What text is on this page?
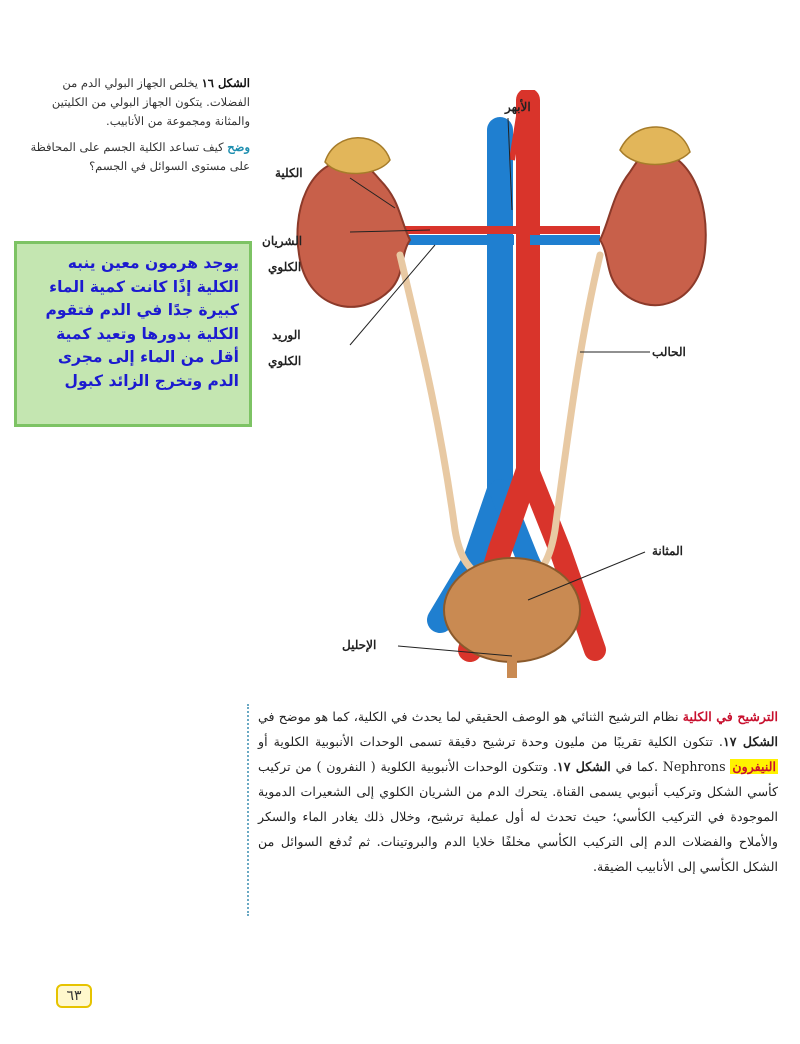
الشكل ١٦ يخلص الجهاز البولي الدم من الفضلات. يتكون الجهاز البولي من الكليتين والمثانة ومجموعة من الأنابيب.

وضح كيف تساعد الكلية الجسم على المحافظة على مستوى السوائل في الجسم؟

يوجد هرمون معين ينبه الكلية إذًا كانت كمية الماء كبيرة جدًا في الدم فتقوم الكلية بدورها وتعيد كمية أقل من الماء إلى مجرى الدم وتخرج الزائد كبول
الأبهر
الكلية
الشريان
الكلوي
الوريد
الكلوي
الحالب
المثانة
الإحليل
الترشيح في الكلية نظام الترشيح الثنائي هو الوصف الحقيقي لما يحدث في الكلية، كما هو موضح في الشكل ١٧. تتكون الكلية تقريبًا من مليون وحدة ترشيح دقيقة تسمى الوحدات الأنبوبية الكلوية أو النيفرون Nephrons .كما في الشكل ١٧. وتتكون الوحدات الأنبوبية الكلوية ( النفرون ) من تركيب كأسي الشكل وتركيب أنبوبي يسمى القناة. يتحرك الدم من الشريان الكلوي إلى الشعيرات الدموية الموجودة في التركيب الكأسي؛ حيث تحدث له أول عملية ترشيح، وخلال ذلك يغادر الماء والسكر والأملاح والفضلات الدم إلى التركيب الكأسي مخلفًا خلايا الدم والبروتينات. ثم تُدفع السوائل من الشكل الكأسي إلى الأنابيب الضيقة.
٦٣
